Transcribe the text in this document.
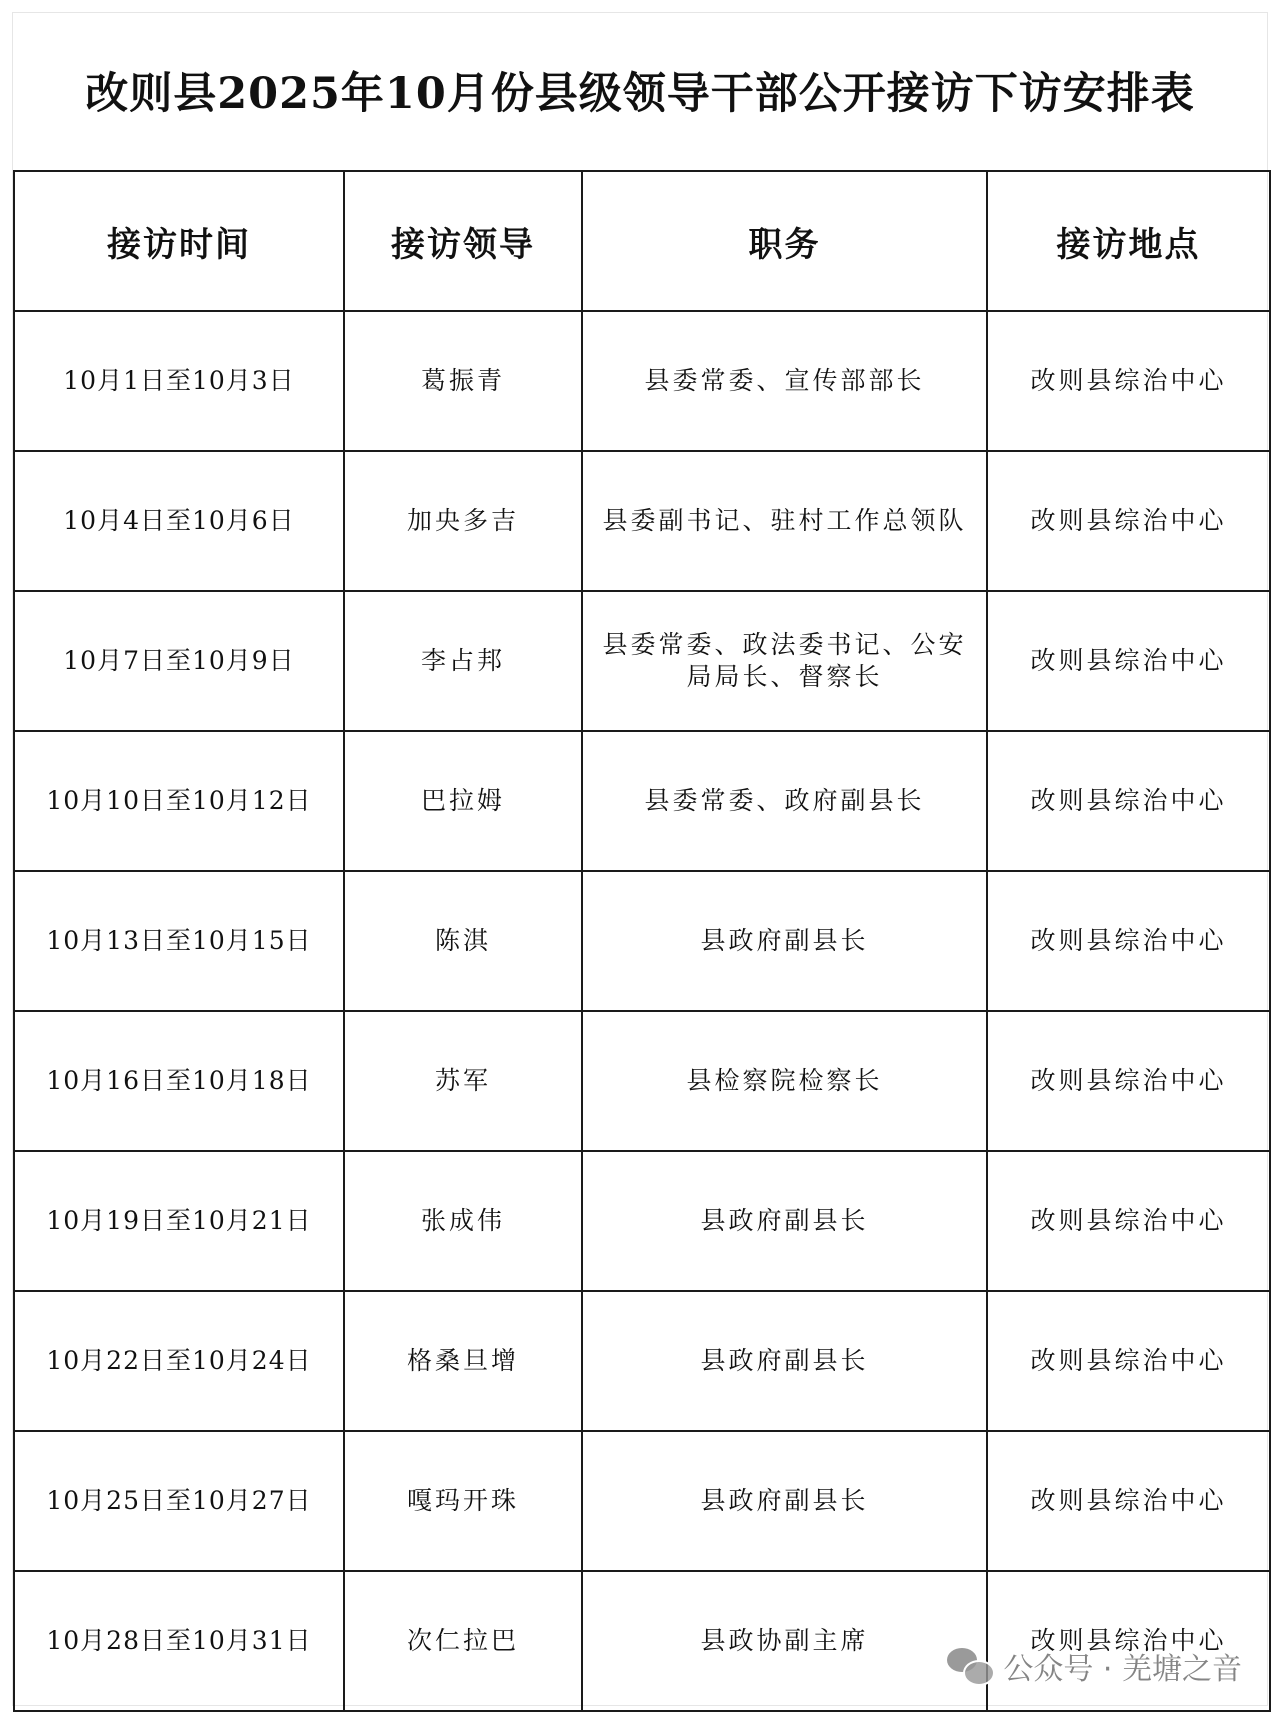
改则县2025年10月份县级领导干部公开接访下访安排表
接访时间	接访领导	职务	接访地点
10月1日至10月3日	葛振青	县委常委、宣传部部长	改则县综治中心
10月4日至10月6日	加央多吉	县委副书记、驻村工作总领队	改则县综治中心
10月7日至10月9日	李占邦	县委常委、政法委书记、公安局局长、督察长	改则县综治中心
10月10日至10月12日	巴拉姆	县委常委、政府副县长	改则县综治中心
10月13日至10月15日	陈淇	县政府副县长	改则县综治中心
10月16日至10月18日	苏军	县检察院检察长	改则县综治中心
10月19日至10月21日	张成伟	县政府副县长	改则县综治中心
10月22日至10月24日	格桑旦增	县政府副县长	改则县综治中心
10月25日至10月27日	嘎玛开珠	县政府副县长	改则县综治中心
10月28日至10月31日	次仁拉巴	县政协副主席	改则县综治中心
公众号 · 羌塘之音
